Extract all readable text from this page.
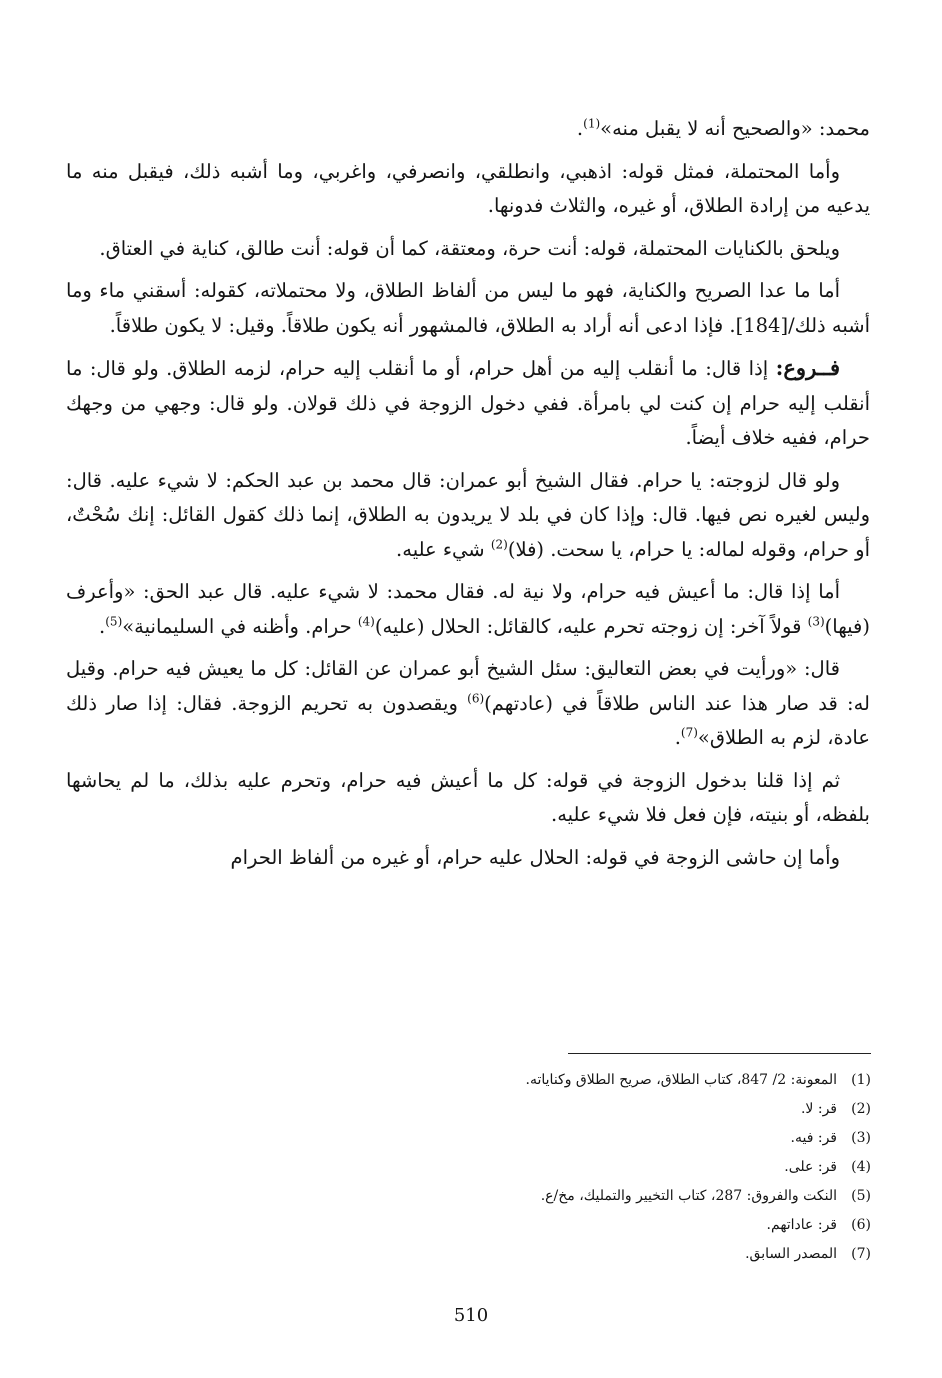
محمد: «والصحيح أنه لا يقبل منه»$^{(1)}$.

وأما المحتملة، فمثل قوله: اذهبي، وانطلقي، وانصرفي، واغربي، وما أشبه ذلك، فيقبل منه ما يدعيه من إرادة الطلاق، أو غيره، والثلاث فدونها.

ويلحق بالكنايات المحتملة، قوله: أنت حرة، ومعتقة، كما أن قوله: أنت طالق، كناية في العتاق.

أما ما عدا الصريح والكناية، فهو ما ليس من ألفاظ الطلاق، ولا محتملاته، كقوله: أسقني ماء وما أشبه ذلك/[184]. فإذا ادعى أنه أراد به الطلاق، فالمشهور أنه يكون طلاقاً. وقيل: لا يكون طلاقاً.

فــروع: إذا قال: ما أنقلب إليه من أهل حرام، أو ما أنقلب إليه حرام، لزمه الطلاق. ولو قال: ما أنقلب إليه حرام إن كنت لي بامرأة. ففي دخول الزوجة في ذلك قولان. ولو قال: وجهي من وجهك حرام، ففيه خلاف أيضاً.

ولو قال لزوجته: يا حرام. فقال الشيخ أبو عمران: قال محمد بن عبد الحكم: لا شيء عليه. قال: وليس لغيره نص فيها. قال: وإذا كان في بلد لا يريدون به الطلاق، إنما ذلك كقول القائل: إنك سُحْتٌ، أو حرام، وقوله لماله: يا حرام، يا سحت. (فلا)$^{(2)}$ شيء عليه.

أما إذا قال: ما أعيش فيه حرام، ولا نية له. فقال محمد: لا شيء عليه. قال عبد الحق: «وأعرف (فيها)$^{(3)}$ قولاً آخر: إن زوجته تحرم عليه، كالقائل: الحلال (عليه)$^{(4)}$ حرام. وأظنه في السليمانية»$^{(5)}$.

قال: «ورأيت في بعض التعاليق: سئل الشيخ أبو عمران عن القائل: كل ما يعيش فيه حرام. وقيل له: قد صار هذا عند الناس طلاقاً في (عادتهم)$^{(6)}$ ويقصدون به تحريم الزوجة. فقال: إذا صار ذلك عادة، لزم به الطلاق»$^{(7)}$.

ثم إذا قلنا بدخول الزوجة في قوله: كل ما أعيش فيه حرام، وتحرم عليه بذلك، ما لم يحاشها بلفظه، أو بنيته، فإن فعل فلا شيء عليه.

وأما إن حاشى الزوجة في قوله: الحلال عليه حرام، أو غيره من ألفاظ الحرام

(1)المعونة: 2/ 847، كتاب الطلاق، صريح الطلاق وكناياته.
(2)قر: لا.
(3)قر: فيه.
(4)قر: على.
(5)النكت والفروق: 287، كتاب التخيير والتمليك، مخ/ع.
(6)قر: عاداتهم.
(7)المصدر السابق.
510
